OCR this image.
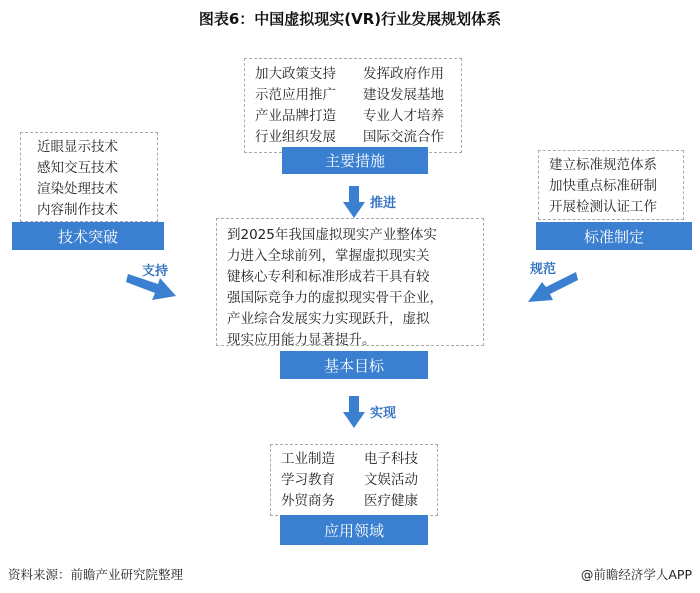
图表6：中国虚拟现实(VR)行业发展规划体系
加大政策支持	发挥政府作用
示范应用推广	建设发展基地
产业品牌打造	专业人才培养
行业组织发展	国际交流合作
主要措施
推进
近眼显示技术
感知交互技术
渲染处理技术
内容制作技术
技术突破
支持
建立标准规范体系
加快重点标准研制
开展检测认证工作
标准制定
规范
到2025年我国虚拟现实产业整体实
力进入全球前列，掌握虚拟现实关
键核心专利和标准形成若干具有较
强国际竞争力的虚拟现实骨干企业，
产业综合发展实力实现跃升，虚拟
现实应用能力显著提升。
基本目标
实现
工业制造	电子科技
学习教育	文娱活动
外贸商务	医疗健康
应用领域
资料来源：前瞻产业研究院整理	@前瞻经济学人APP
